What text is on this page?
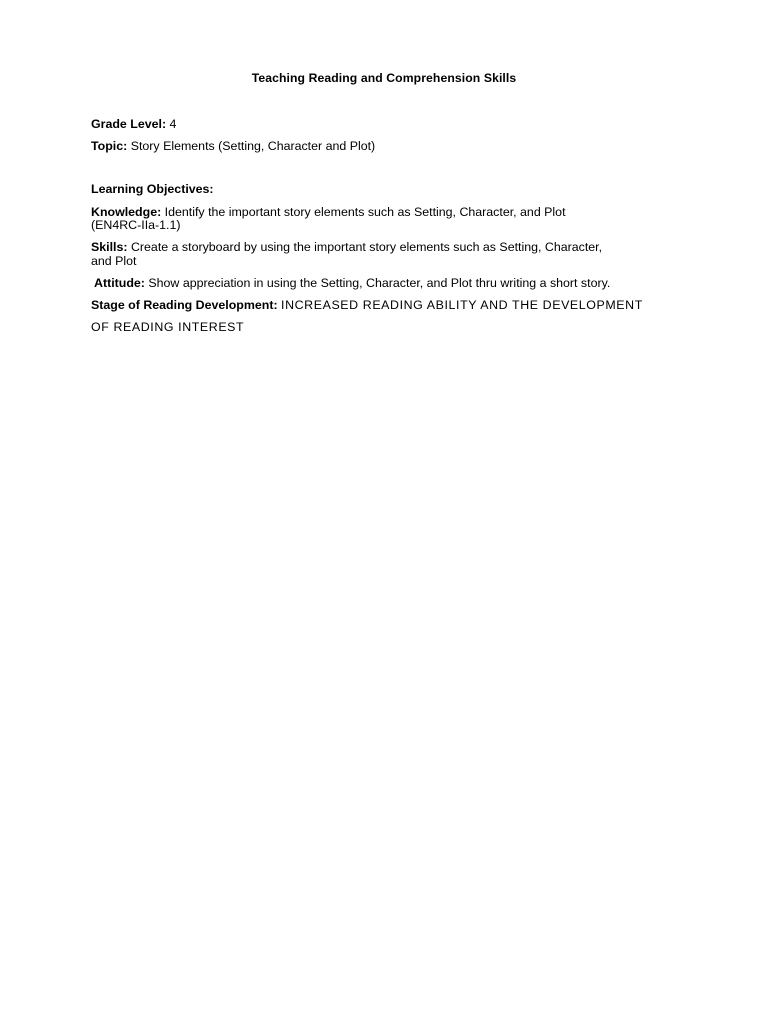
Teaching Reading and Comprehension Skills
Grade Level: 4
Topic: Story Elements (Setting, Character and Plot)
Learning Objectives:
Knowledge: Identify the important story elements such as Setting, Character, and Plot
(EN4RC-IIa-1.1)
Skills: Create a storyboard by using the important story elements such as Setting, Character,
and Plot
Attitude: Show appreciation in using the Setting, Character, and Plot thru writing a short story.
Stage of Reading Development: INCREASED READING ABILITY AND THE DEVELOPMENT
OF READING INTEREST
